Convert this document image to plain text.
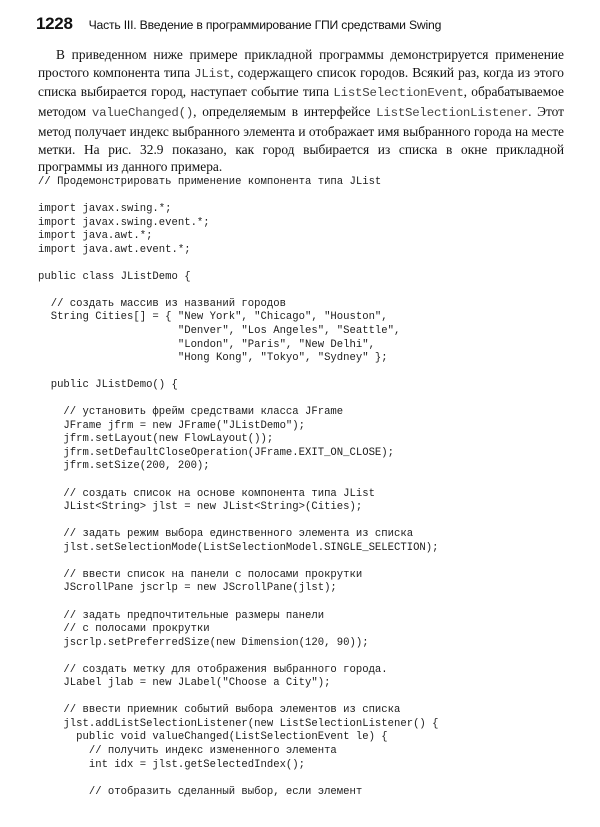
1228 Часть III. Введение в программирование ГПИ средствами Swing

В приведенном ниже примере прикладной программы демонстрируется применение простого компонента типа JList, содержащего список городов. Всякий раз, когда из этого списка выбирается город, наступает событие типа ListSelectionEvent, обрабатываемое методом valueChanged(), определяемым в интерфейсе ListSelectionListener. Этот метод получает индекс выбранного элемента и отображает имя выбранного города на месте метки. На рис. 32.9 показано, как город выбирается из списка в окне прикладной программы из данного примера.

// Продемонстрировать применение компонента типа JList
import javax.swing.*;
import javax.swing.event.*;
import java.awt.*;
import java.awt.event.*;
public class JListDemo {
// создать массив из названий городов
String Cities[] = { "New York", "Chicago", "Houston",
"Denver", "Los Angeles", "Seattle",
"London", "Paris", "New Delhi",
"Hong Kong", "Tokyo", "Sydney" };
public JListDemo() {
// установить фрейм средствами класса JFrame
JFrame jfrm = new JFrame("JListDemo");
jfrm.setLayout(new FlowLayout());
jfrm.setDefaultCloseOperation(JFrame.EXIT_ON_CLOSE);
jfrm.setSize(200, 200);
// создать список на основе компонента типа JList
JList<String> jlst = new JList<String>(Cities);
// задать режим выбора единственного элемента из списка
jlst.setSelectionMode(ListSelectionModel.SINGLE_SELECTION);
// ввести список на панели с полосами прокрутки
JScrollPane jscrlp = new JScrollPane(jlst);
// задать предпочтительные размеры панели
// с полосами прокрутки
jscrlp.setPreferredSize(new Dimension(120, 90));
// создать метку для отображения выбранного города.
JLabel jlab = new JLabel("Choose a City");
// ввести приемник событий выбора элементов из списка
jlst.addListSelectionListener(new ListSelectionListener() {
public void valueChanged(ListSelectionEvent le) {
// получить индекс измененного элемента
int idx = jlst.getSelectedIndex();
// отобразить сделанный выбор, если элемент
